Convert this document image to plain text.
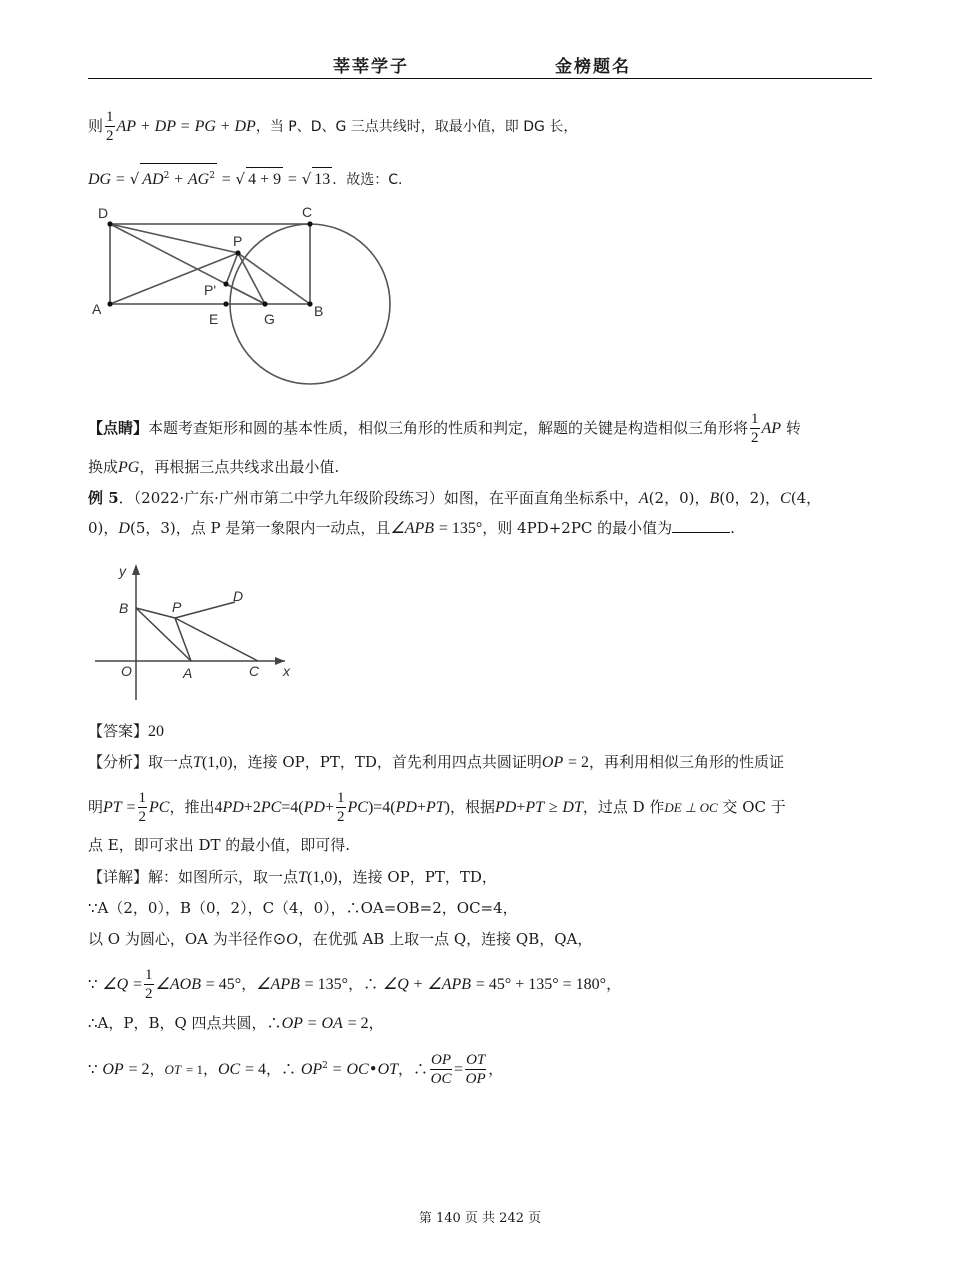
莘莘学子	金榜题名
则 $\frac{1}{2}$ AP + DP = PG + DP，当 P、D、G 三点共线时，取最小值，即 DG 长，
DG = √ $AD^2 + AG^2$ = √ 4 + 9 = √ 13 ．故选：C.
D	C
P
P'
A
E	G	B
【点睛】本题考查矩形和圆的基本性质，相似三角形的性质和判定，解题的关键是构造相似三角形将 $\frac{1}{2}$ AP 转
换成PG，再根据三点共线求出最小值.
例 5．（2022·广东·广州市第二中学九年级阶段练习）如图，在平面直角坐标系中，A(2，0)，B(0，2)，C(4，
0)，D(5，3)，点 P 是第一象限内一动点，且∠APB = 135°，则 4PD+2PC 的最小值为	.
y
B	P
D
O	A	C x
【答案】20
【分析】取一点T(1,0)，连接 OP，PT，TD，首先利用四点共圆证明OP = 2，再利用相似三角形的性质证
明PT = $\frac{1}{2}$ PC，推出$4PD+2PC=4(PD+ \frac{1}{2} PC)=4(PD+PT)$，根据PD+PT ≥ DT，过点 D 作DE ⊥ OC 交 OC 于
点 E，即可求出 DT 的最小值，即可得.
【详解】解：如图所示，取一点T(1,0)，连接 OP，PT，TD，
∵A（2，0），B（0，2），C（4，0），∴OA=OB=2，OC=4，
以 O 为圆心，OA 为半径作⊙O，在优弧 AB 上取一点 Q，连接 QB，QA，
∵ ∠Q = $\frac{1}{2}$ ∠AOB = 45°，∠APB = 135°，∴ ∠Q + ∠APB = 45° + 135° = 180°，
∴A，P，B，Q 四点共圆，∴OP = OA = 2，
∵ OP = 2，OT = 1，OC = 4，∴ $OP^2$ = OC•OT，∴ $\frac{OP}{OC} = \frac{OT}{OP}$ ，
第 140 页 共 242 页
